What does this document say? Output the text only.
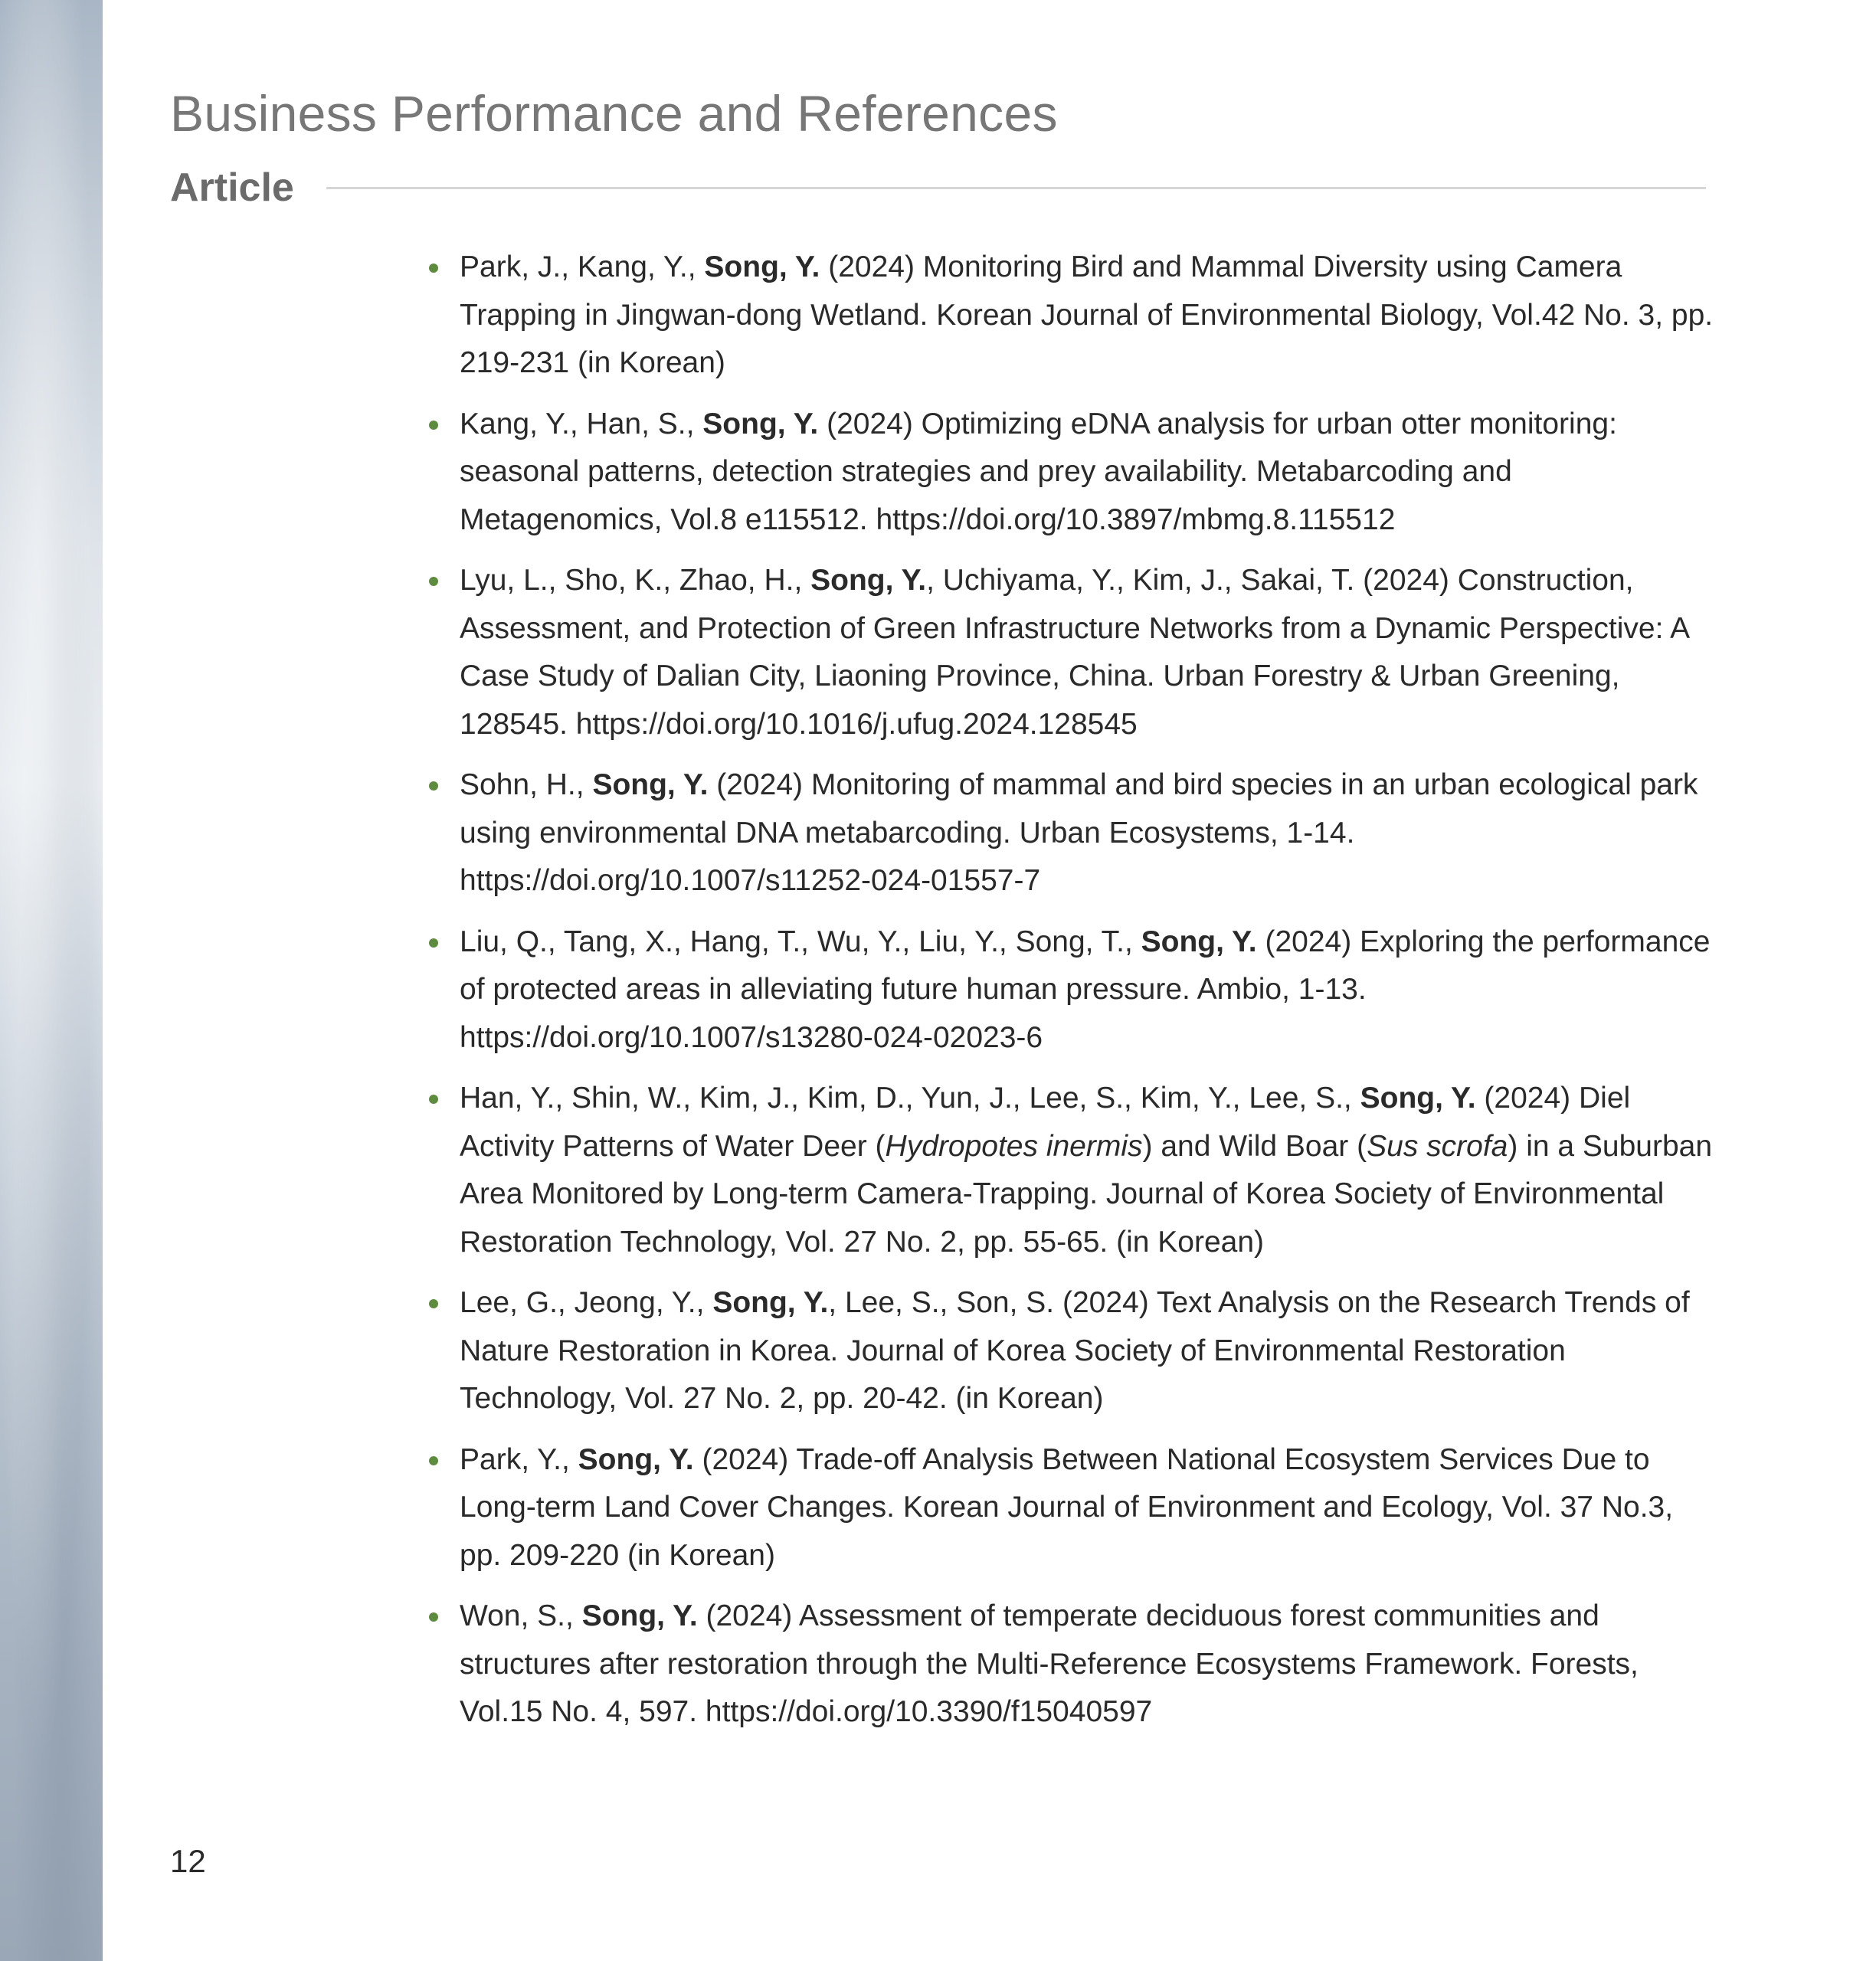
Business Performance and References
Article
Park, J., Kang, Y., Song, Y. (2024) Monitoring Bird and Mammal Diversity using Camera Trapping in Jingwan-dong Wetland. Korean Journal of Environmental Biology, Vol.42 No. 3, pp. 219-231 (in Korean)
Kang, Y., Han, S., Song, Y. (2024) Optimizing eDNA analysis for urban otter monitoring: seasonal patterns, detection strategies and prey availability. Metabarcoding and Metagenomics, Vol.8 e115512. https://doi.org/10.3897/mbmg.8.115512
Lyu, L., Sho, K., Zhao, H., Song, Y., Uchiyama, Y., Kim, J., Sakai, T. (2024) Construction, Assessment, and Protection of Green Infrastructure Networks from a Dynamic Perspective: A Case Study of Dalian City, Liaoning Province, China. Urban Forestry & Urban Greening, 128545. https://doi.org/10.1016/j.ufug.2024.128545
Sohn, H., Song, Y. (2024) Monitoring of mammal and bird species in an urban ecological park using environmental DNA metabarcoding. Urban Ecosystems, 1-14. https://doi.org/10.1007/s11252-024-01557-7
Liu, Q., Tang, X., Hang, T., Wu, Y., Liu, Y., Song, T., Song, Y. (2024) Exploring the performance of protected areas in alleviating future human pressure. Ambio, 1-13. https://doi.org/10.1007/s13280-024-02023-6
Han, Y., Shin, W., Kim, J., Kim, D., Yun, J., Lee, S., Kim, Y., Lee, S., Song, Y. (2024) Diel Activity Patterns of Water Deer (Hydropotes inermis) and Wild Boar (Sus scrofa) in a Suburban Area Monitored by Long-term Camera-Trapping. Journal of Korea Society of Environmental Restoration Technology, Vol. 27 No. 2, pp. 55-65. (in Korean)
Lee, G., Jeong, Y., Song, Y., Lee, S., Son, S. (2024) Text Analysis on the Research Trends of Nature Restoration in Korea. Journal of Korea Society of Environmental Restoration Technology, Vol. 27 No. 2, pp. 20-42. (in Korean)
Park, Y., Song, Y. (2024) Trade-off Analysis Between National Ecosystem Services Due to Long-term Land Cover Changes. Korean Journal of Environment and Ecology, Vol. 37 No.3, pp. 209-220 (in Korean)
Won, S., Song, Y. (2024) Assessment of temperate deciduous forest communities and structures after restoration through the Multi-Reference Ecosystems Framework. Forests, Vol.15 No. 4, 597. https://doi.org/10.3390/f15040597
12
